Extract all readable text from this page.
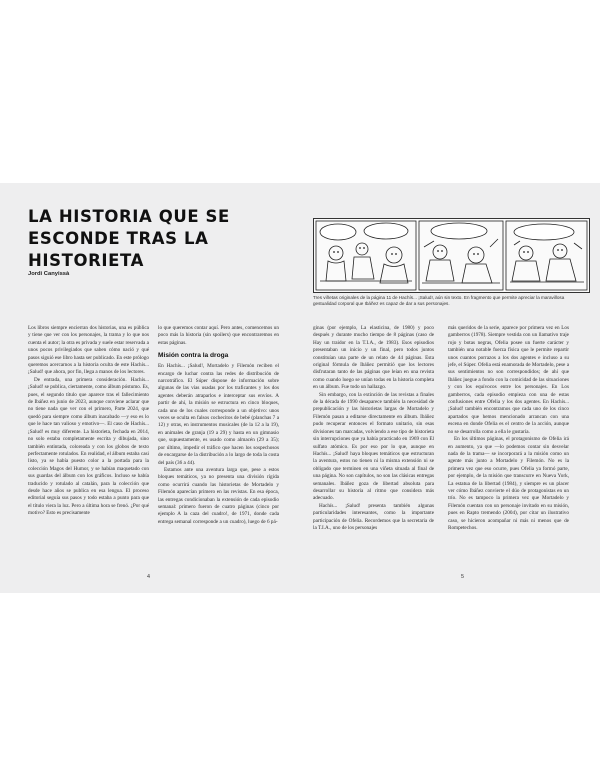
LA HISTORIA QUE SE ESCONDE TRAS LA HISTORIETA
Jordi Canyissà

Los libros siempre encierran dos historias, una es pública y tiene que ver con los personajes, la trama y lo que nos cuenta el autor; la otra es privada y suele estar reservada a unos pocos privilegiados que saben cómo nació y qué pasos siguió ese libro hasta ser publicado. En este prólogo queremos acercarnos a la historia oculta de este Hachís... ¡Salud! que ahora, por fin, llega a manos de los lectores.

De entrada, una primera consideración. Hachís... ¡Salud! se publica, ciertamente, como álbum póstumo. Es, pues, el segundo título que aparece tras el fallecimiento de Ibáñez en junio de 2023, aunque conviene aclarar que no tiene nada que ver con el primero, Parte 2024, que quedó para siempre como álbum inacabado —y eso es lo que le hace tan valioso y emotivo—. El caso de Hachís... ¡Salud! es muy diferente. La historieta, fechada en 2014, no solo estaba completamente escrita y dibujada, sino también entintada, coloreada y con los globos de texto perfectamente rotulados. En realidad, el álbum estaba casi listo, ya se había puesto color a la portada para la colección Magos del Humor, y se habían maquetado con sus guardas del álbum con los gráficos. Incluso se había traducido y rotulado al catalán, para la colección que desde hace años se publica en esa lengua. El proceso editorial seguía sus pasos y todo estaba a punto para que el título viera la luz. Pero a última hora se frenó. ¿Por qué motivo? Esto es precisamente

lo que queremos contar aquí. Pero antes, comencemos un poco más la historia (sin spoilers) que encontraremos en estas páginas.

Misión contra la droga

En Hachís... ¡Salud!, Mortadelo y Filemón reciben el encargo de luchar contra las redes de distribución de narcotráfico. El Súper dispone de información sobre algunas de las vías usadas por los traficantes y los dos agentes deberán atraparlos e interceptar sus envíos. A partir de ahí, la misión se estructura en cinco bloques, cada uno de los cuales corresponde a un objetivo: unos veces se oculta en falsos cochecitos de bebé (planchas 7 a 12) y otras, en instrumentos musicales (de la 12 a la 19), en animales de granja (19 a 29) y hasta en un gimnasio que, supuestamente, es usado como almacén (29 a 35); por último, impedir el tráfico que hacen los sospechosos de encargarse de la distribución a lo largo de toda la costa del país (36 a 44).

Estamos ante una aventura larga que, pese a estos bloques temáticos, ya no presenta una división rígida como ocurrirá cuando las historietas de Mortadelo y Filemón aparecían primero en las revistas. En esa época, las entregas condicionaban la extensión de cada episodio semanal: primero fueron de cuatro páginas (cinco por ejemplo A la caza del cuadro!, de 1971, donde cada entrega semanal corresponde a un cuadro), luego de 6 pá-

4
Tres viñetas originales de la página 11 de Hachís... ¡Salud!, aún sin texto. En fragmento que permite apreciar la maravillosa gestualidad corporal que Ibáñez es capaz de dar a sus personajes.

ginas (por ejemplo, La elasticina, de 1980) y poco después y durante mucho tiempo de 8 páginas (caso de Hay un traidor en la T.I.A., de 1983). Esos episodios presentaban un inicio y un final, pero todos juntos constituían una parte de un relato de 44 páginas. Esta original fórmula de Ibáñez permitió que los lectores disfrutaran tanto de las páginas que leían en una revista como cuando luego se unían todas en la historia completa en un álbum. Fue todo un hallazgo.

Sin embargo, con la extinción de las revistas a finales de la década de 1990 desaparece también la necesidad de prepublicación y las historietas largas de Mortadelo y Filemón pasan a editarse directamente en álbum. Ibáñez pudo recuperar entonces el formato unitario, sin esas divisiones tan marcadas, volviendo a ese tipo de historieta sin interrupciones que ya había practicado en 1969 con El sulfato atómico. Es por eso por lo que, aunque en Hachís... ¡Salud! haya bloques temáticos que estructuran la aventura, estos no tienen ni la misma extensión ni se obligado que terminen en una viñeta situada al final de una página. No son capítulos, no son las clásicas entregas semanales. Ibáñez goza de libertad absoluta para desarrollar su historia al ritmo que considera más adecuado.

Hachís... ¡Salud! presenta también algunas particularidades interesantes, como la importante participación de Ofelia. Recordemos que la secretaria de la T.I.A., uno de los personajes

más queridos de la serie, aparece por primera vez en Los gamberros (1978). Siempre vestida con un llamativo traje rojo y botas negras, Ofelia posee un fuerte carácter y también una notable fuerza física que le permite repartir unos cuantos porrazos a los dos agentes e incluso a su jefe, el Súper. Ofelia está enamorada de Mortadelo, pese a sus sentimientos no son correspondidos; de ahí que Ibáñez juegue a fondo con la comicidad de las situaciones y con los equívocos entre los personajes. En Los gamberros, cada episodio empieza con una de estas confusiones entre Ofelia y los dos agentes. En Hachís... ¡Salud! también encontramos que cada uno de los cinco apartados que hemos mencionado arrancan con una escena en donde Ofelia es el centro de la acción, aunque no se desarrolla como a ella le gustaría.

En los últimos páginas, el protagonismo de Ofelia irá en aumento, ya que —lo podemos contar sin desvelar nada de la trama— se incorporará a la misión como un agente más junto a Mortadelo y Filemón. No es la primera vez que eso ocurre, pues Ofelia ya formó parte, por ejemplo, de la misión que transcurre en Nueva York, La estatua de la libertad (1984), y siempre es un placer ver cómo Ibáñez convierte el dúo de protagonistas en un trío. No es tampoco la primera vez que Mortadelo y Filemón cuentan con un personaje invitado en su misión, pues en Rapto tremendo (2004), por citar un ilustrativo caso, se hicieron acompañar ni más ni menos que de Rompetechos.

5
